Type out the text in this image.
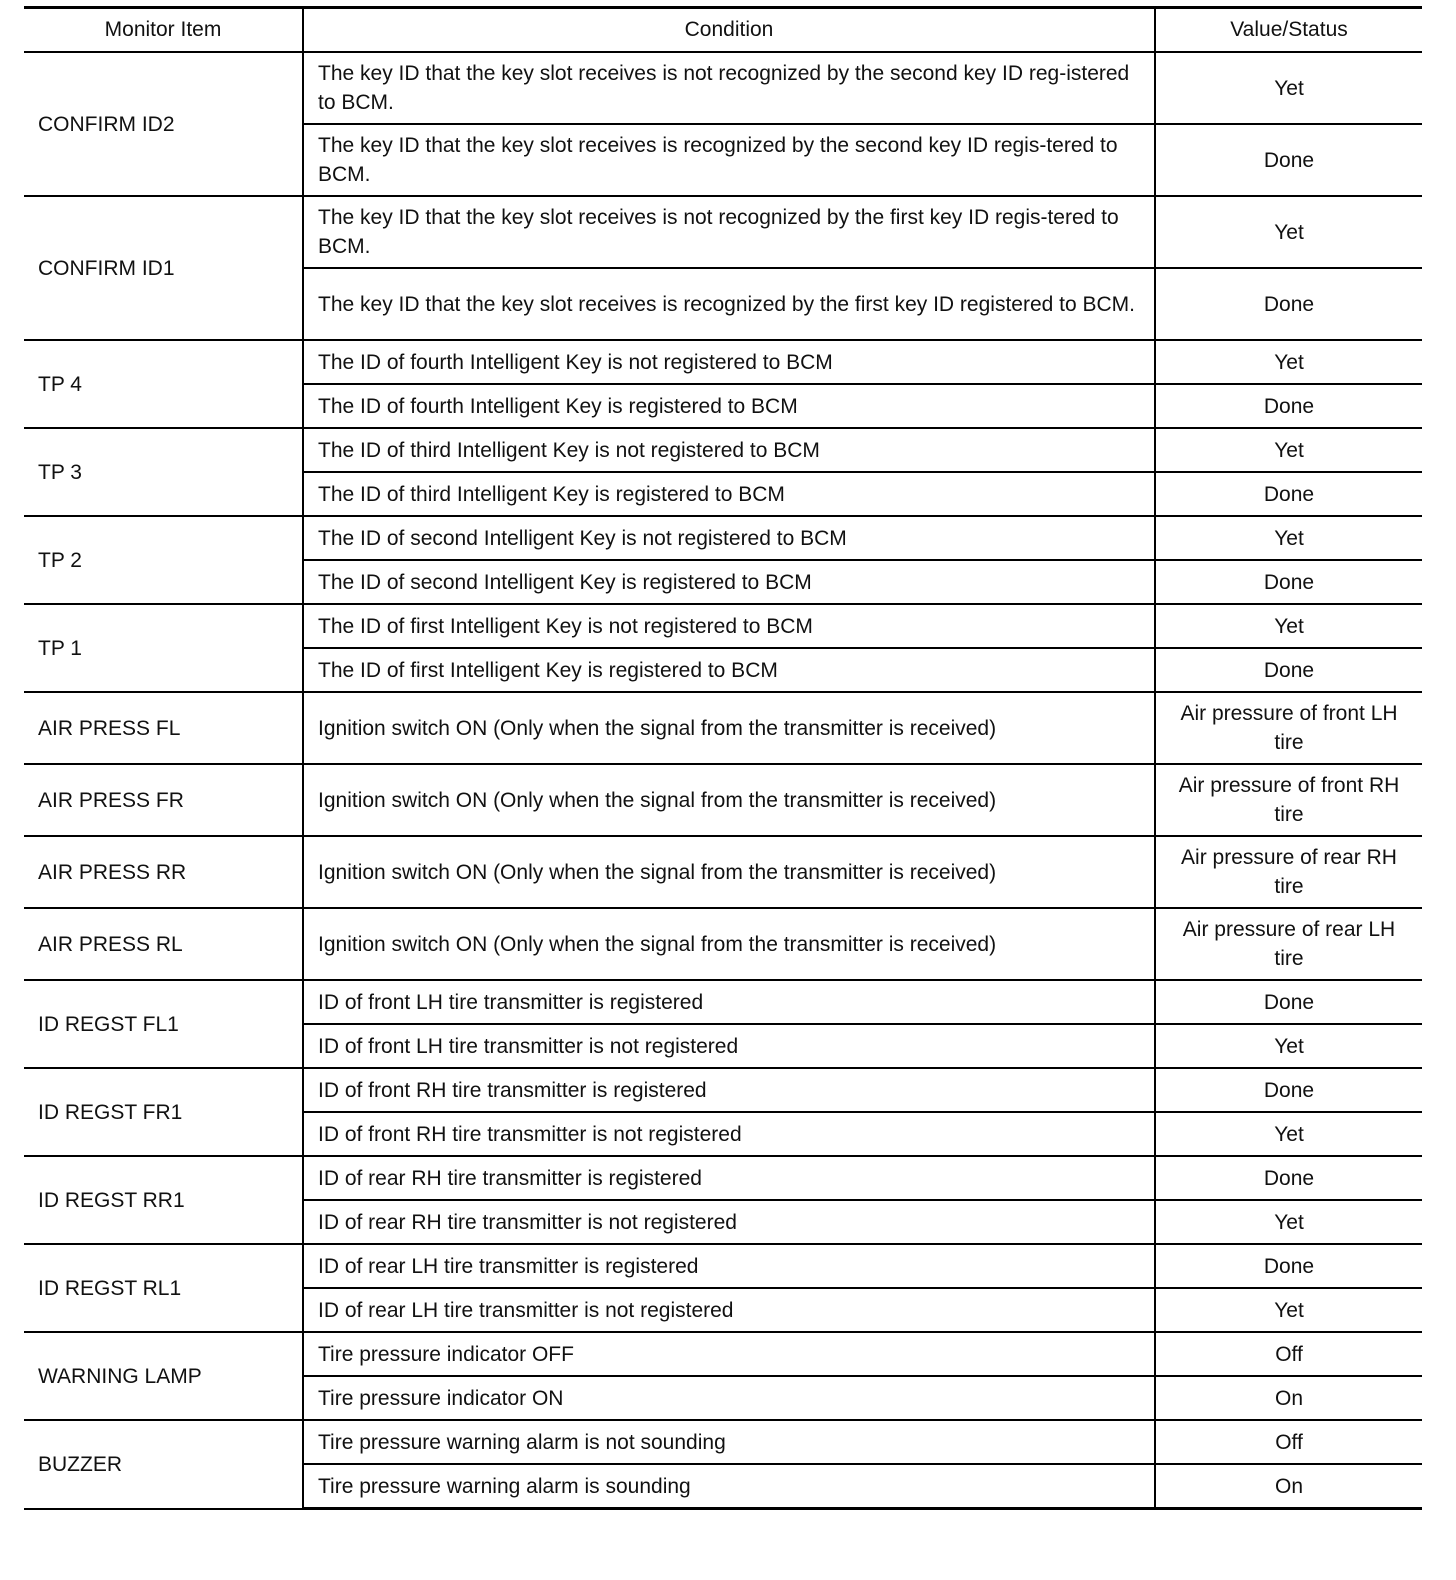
Monitor Item	Condition	Value/Status
CONFIRM ID2	The key ID that the key slot receives is not recognized by the second key ID reg-istered to BCM.	Yet
	The key ID that the key slot receives is recognized by the second key ID regis-tered to BCM.	Done
CONFIRM ID1	The key ID that the key slot receives is not recognized by the first key ID regis-tered to BCM.	Yet
	The key ID that the key slot receives is recognized by the first key ID registered to BCM.	Done
TP 4	The ID of fourth Intelligent Key is not registered to BCM	Yet
	The ID of fourth Intelligent Key is registered to BCM	Done
TP 3	The ID of third Intelligent Key is not registered to BCM	Yet
	The ID of third Intelligent Key is registered to BCM	Done
TP 2	The ID of second Intelligent Key is not registered to BCM	Yet
	The ID of second Intelligent Key is registered to BCM	Done
TP 1	The ID of first Intelligent Key is not registered to BCM	Yet
	The ID of first Intelligent Key is registered to BCM	Done
AIR PRESS FL	Ignition switch ON (Only when the signal from the transmitter is received)	Air pressure of front LH tire
AIR PRESS FR	Ignition switch ON (Only when the signal from the transmitter is received)	Air pressure of front RH tire
AIR PRESS RR	Ignition switch ON (Only when the signal from the transmitter is received)	Air pressure of rear RH tire
AIR PRESS RL	Ignition switch ON (Only when the signal from the transmitter is received)	Air pressure of rear LH tire
ID REGST FL1	ID of front LH tire transmitter is registered	Done
	ID of front LH tire transmitter is not registered	Yet
ID REGST FR1	ID of front RH tire transmitter is registered	Done
	ID of front RH tire transmitter is not registered	Yet
ID REGST RR1	ID of rear RH tire transmitter is registered	Done
	ID of rear RH tire transmitter is not registered	Yet
ID REGST RL1	ID of rear LH tire transmitter is registered	Done
	ID of rear LH tire transmitter is not registered	Yet
WARNING LAMP	Tire pressure indicator OFF	Off
	Tire pressure indicator ON	On
BUZZER	Tire pressure warning alarm is not sounding	Off
	Tire pressure warning alarm is sounding	On
